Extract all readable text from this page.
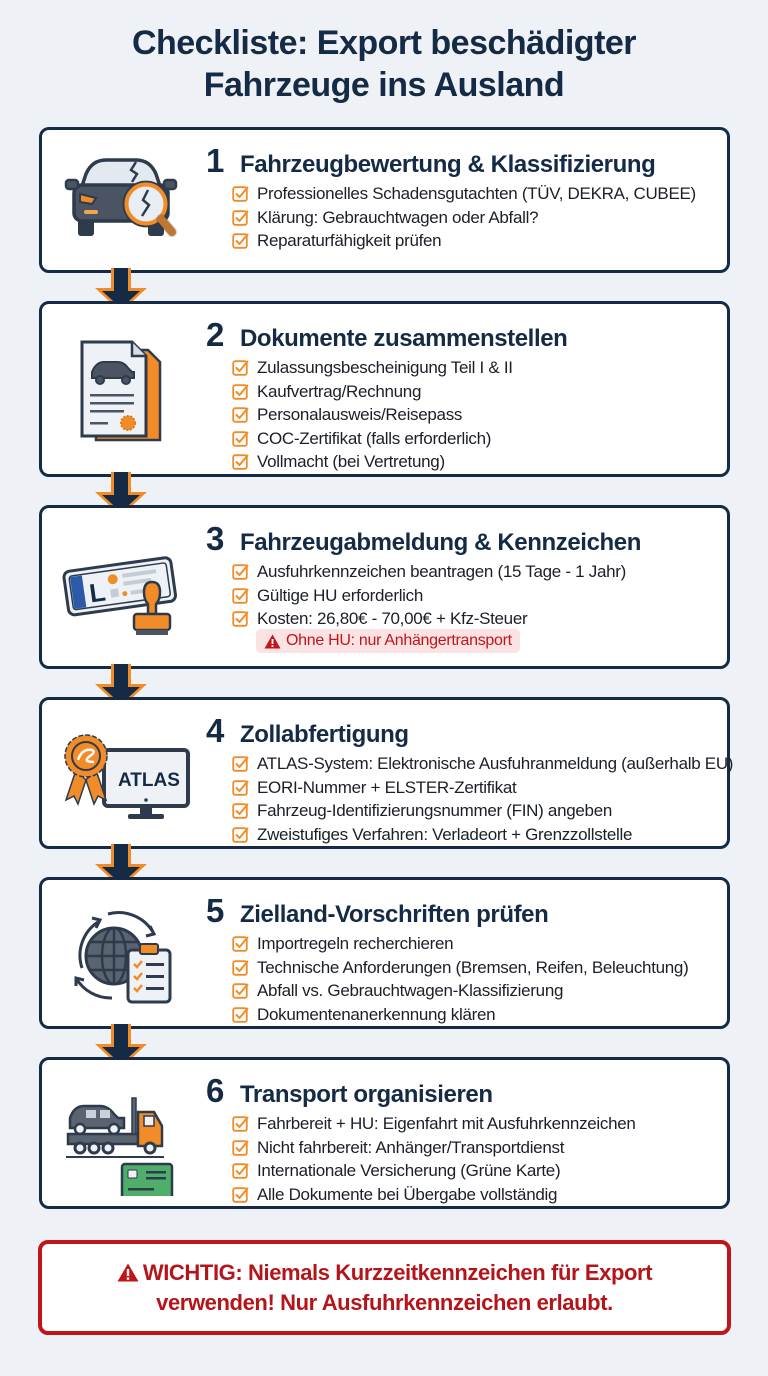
Checkliste: Export beschädigter
Fahrzeuge ins Ausland
1 Fahrzeugbewertung & Klassifizierung
Professionelles Schadensgutachten (TÜV, DEKRA, CUBEE)
Klärung: Gebrauchtwagen oder Abfall?
Reparaturfähigkeit prüfen
2 Dokumente zusammenstellen
Zulassungsbescheinigung Teil I & II
Kaufvertrag/Rechnung
Personalausweis/Reisepass
COC-Zertifikat (falls erforderlich)
Vollmacht (bei Vertretung)
L
3 Fahrzeugabmeldung & Kennzeichen
Ausfuhrkennzeichen beantragen (15 Tage - 1 Jahr)
Gültige HU erforderlich
Kosten: 26,80€ - 70,00€ + Kfz-Steuer
Ohne HU: nur Anhängertransport
ATLAS
4 Zollabfertigung
ATLAS-System: Elektronische Ausfuhranmeldung (außerhalb EU)
EORI-Nummer + ELSTER-Zertifikat
Fahrzeug-Identifizierungsnummer (FIN) angeben
Zweistufiges Verfahren: Verladeort + Grenzzollstelle
5 Zielland-Vorschriften prüfen
Importregeln recherchieren
Technische Anforderungen (Bremsen, Reifen, Beleuchtung)
Abfall vs. Gebrauchtwagen-Klassifizierung
Dokumentenanerkennung klären
6 Transport organisieren
Fahrbereit + HU: Eigenfahrt mit Ausfuhrkennzeichen
Nicht fahrbereit: Anhänger/Transportdienst
Internationale Versicherung (Grüne Karte)
Alle Dokumente bei Übergabe vollständig
WICHTIG: Niemals Kurzzeitkennzeichen für Export
verwenden! Nur Ausfuhrkennzeichen erlaubt.
